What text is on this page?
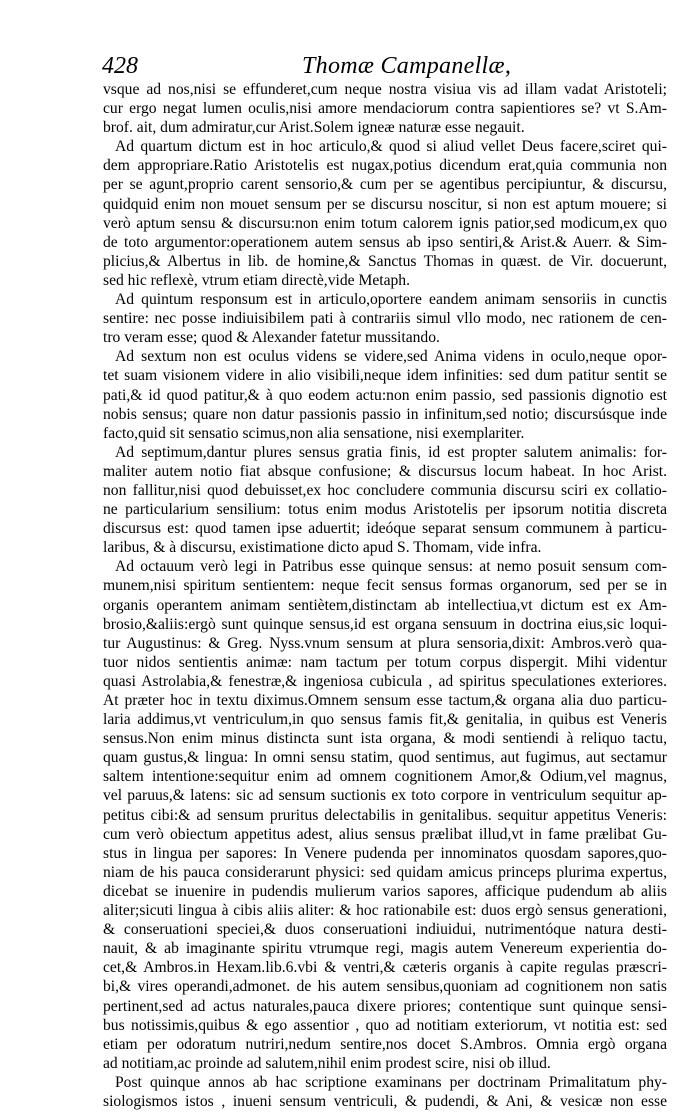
428	Thomæ Campanellæ,
vsque ad nos,nisi se effunderet,cum neque nostra visiua vis ad illam vadat Aristoteli;
cur ergo negat lumen oculis,nisi amore mendaciorum contra sapientiores se? vt S.Am-
brof. ait, dum admiratur,cur Arist.Solem igneæ naturæ esse negauit.
Ad quartum dictum est in hoc articulo,& quod si aliud vellet Deus facere,sciret qui-
dem appropriare.Ratio Aristotelis est nugax,potius dicendum erat,quia communia non
per se agunt,proprio carent sensorio,& cum per se agentibus percipiuntur, & discursu,
quidquid enim non mouet sensum per se discursu noscitur, si non est aptum mouere; si
verò aptum sensu & discursu:non enim totum calorem ignis patior,sed modicum,ex quo
de toto argumentor:operationem autem sensus ab ipso sentiri,& Arist.& Auerr. & Sim-
plicius,& Albertus in lib. de homine,& Sanctus Thomas in quæst. de Vir. docuerunt,
sed hic reflexè, vtrum etiam directè,vide Metaph.
Ad quintum responsum est in articulo,oportere eandem animam sensoriis in cunctis
sentire: nec posse indiuisibilem pati à contrariis simul vllo modo, nec rationem de cen-
tro veram esse; quod & Alexander fatetur mussitando.
Ad sextum non est oculus videns se videre,sed Anima videns in oculo,neque opor-
tet suam visionem videre in alio visibili,neque idem infinities: sed dum patitur sentit se
pati,& id quod patitur,& à quo eodem actu:non enim passio, sed passionis dignotio est
nobis sensus; quare non datur passionis passio in infinitum,sed notio; discursúsque inde
facto,quid sit sensatio scimus,non alia sensatione, nisi exemplariter.
Ad septimum,dantur plures sensus gratia finis, id est propter salutem animalis: for-
maliter autem notio fiat absque confusione; & discursus locum habeat. In hoc Arist.
non fallitur,nisi quod debuisset,ex hoc concludere communia discursu sciri ex collatio-
ne particularium sensilium: totus enim modus Aristotelis per ipsorum notitia discreta
discursus est: quod tamen ipse aduertit; ideóque separat sensum communem à particu-
laribus, & à discursu, existimatione dicto apud S. Thomam, vide infra.
Ad octauum verò legi in Patribus esse quinque sensus: at nemo posuit sensum com-
munem,nisi spiritum sentientem: neque fecit sensus formas organorum, sed per se in
organis operantem animam sentiètem,distinctam ab intellectiua,vt dictum est ex Am-
brosio,&aliis:ergò sunt quinque sensus,id est organa sensuum in doctrina eius,sic loqui-
tur Augustinus: & Greg. Nyss.vnum sensum at plura sensoria,dixit: Ambros.verò qua-
tuor nidos sentientis animæ: nam tactum per totum corpus dispergit. Mihi videntur
quasi Astrolabia,& fenestræ,& ingeniosa cubicula , ad spiritus speculationes exteriores.
At præter hoc in textu diximus.Omnem sensum esse tactum,& organa alia duo particu-
laria addimus,vt ventriculum,in quo sensus famis fit,& genitalia, in quibus est Veneris
sensus.Non enim minus distincta sunt ista organa, & modi sentiendi à reliquo tactu,
quam gustus,& lingua: In omni sensu statim, quod sentimus, aut fugimus, aut sectamur
saltem intentione:sequitur enim ad omnem cognitionem Amor,& Odium,vel magnus,
vel paruus,& latens: sic ad sensum suctionis ex toto corpore in ventriculum sequitur ap-
petitus cibi:& ad sensum pruritus delectabilis in genitalibus. sequitur appetitus Veneris:
cum verò obiectum appetitus adest, alius sensus prælibat illud,vt in fame prælibat Gu-
stus in lingua per sapores: In Venere pudenda per innominatos quosdam sapores,quo-
niam de his pauca considerarunt physici: sed quidam amicus princeps plurima expertus,
dicebat se inuenire in pudendis mulierum varios sapores, afficique pudendum ab aliis
aliter;sicuti lingua à cibis aliis aliter: & hoc rationabile est: duos ergò sensus generationi,
& conseruationi speciei,& duos conseruationi indiuidui, nutrimentóque natura desti-
nauit, & ab imaginante spiritu vtrumque regi, magis autem Venereum experientia do-
cet,& Ambros.in Hexam.lib.6.vbi & ventri,& cæteris organis à capite regulas præscri-
bi,& vires operandi,admonet. de his autem sensibus,quoniam ad cognitionem non satis
pertinent,sed ad actus naturales,pauca dixere priores; contentique sunt quinque sensi-
bus notissimis,quibus & ego assentior , quo ad notitiam exteriorum, vt notitia est: sed
etiam per odoratum nutriri,nedum sentire,nos docet S.Ambros. Omnia ergò organa
ad notitiam,ac proinde ad salutem,nihil enim prodest scire, nisi ob illud.
Post quinque annos ab hac scriptione examinans per doctrinam Primalitatum phy-
siologismos istos , inueni sensum ventriculi, & pudendi, & Ani, & vesicæ non esse
